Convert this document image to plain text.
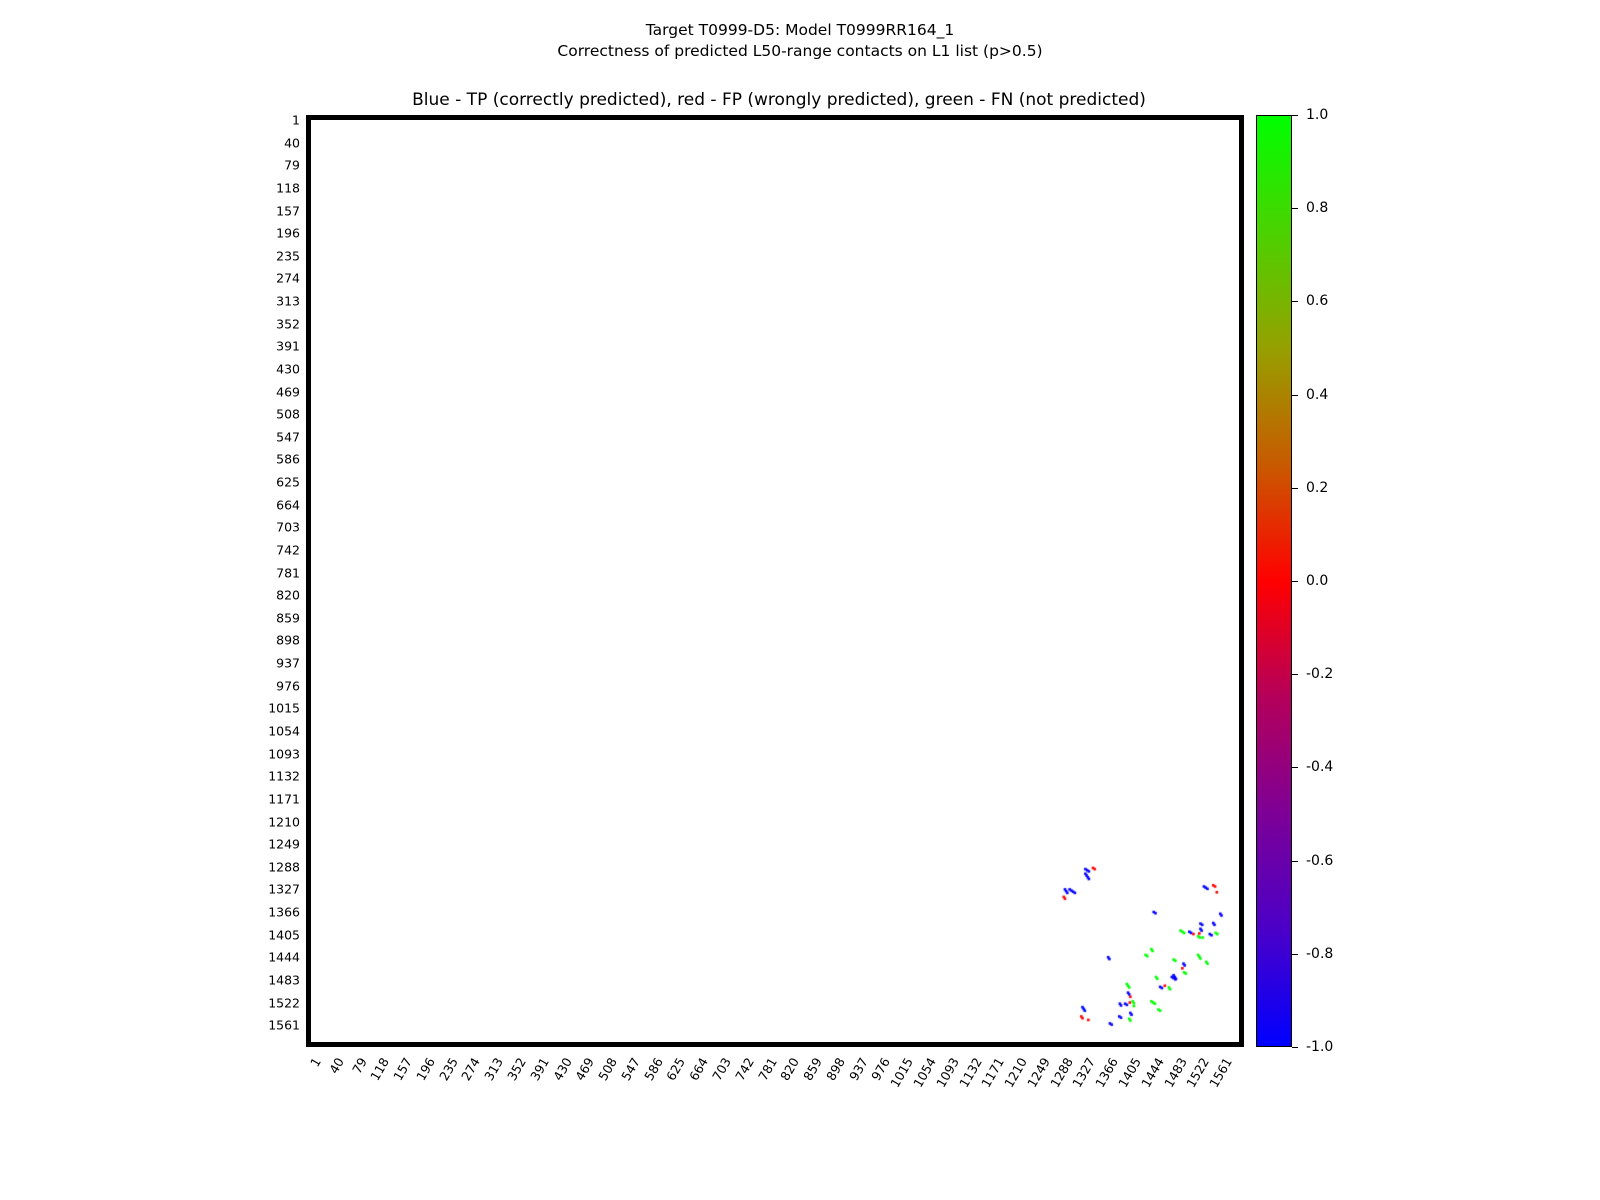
Target T0999-D5: Model T0999RR164_1
Correctness of predicted L50-range contacts on L1 list (p>0.5)
Blue - TP (correctly predicted), red - FP (wrongly predicted), green - FN (not predicted)
1
40
79
118
157
196
235
274
313
352
391
430
469
508
547
586
625
664
703
742
781
820
859
898
937
976
1015
1054
1093
1132
1171
1210
1249
1288
1327
1366
1405
1444
1483
1522
1561
1 40 79
118
157
196
235
274
313
352
391
430
469
508
547
586
625
664
703
742
781
820
859
898
937
976
1015
1054
1093
1132
1171
1210
1249
1288
1327
1366
1405
1444
1483
1522
1561
-1.0
-0.8
-0.6
-0.4
-0.2
0.0
0.2
0.4
0.6
0.8
1.0
